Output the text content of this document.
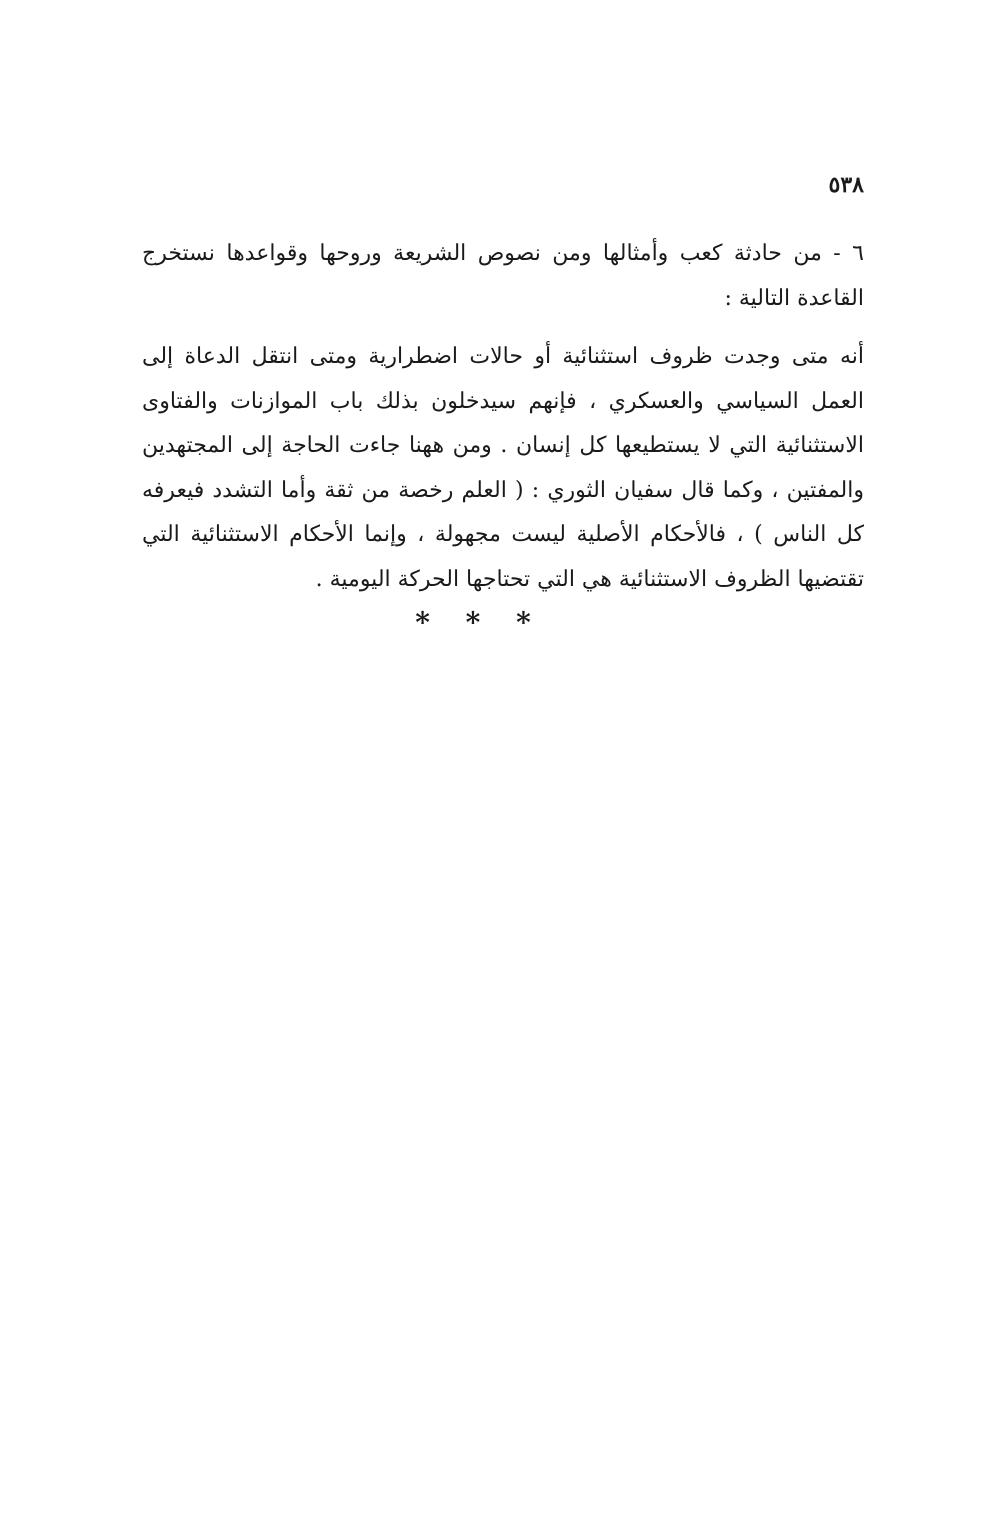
٥٣٨

٦ - من حادثة كعب وأمثالها ومن نصوص الشريعة وروحها وقواعدها نستخرج القاعدة التالية :

أنه متى وجدت ظروف استثنائية أو حالات اضطرارية ومتى انتقل الدعاة إلى العمل السياسي والعسكري ، فإنهم سيدخلون بذلك باب الموازنات والفتاوى الاستثنائية التي لا يستطيعها كل إنسان . ومن ههنا جاءت الحاجة إلى المجتهدين والمفتين ، وكما قال سفيان الثوري : ( العلم رخصة من ثقة وأما التشدد فيعرفه كل الناس ) ، فالأحكام الأصلية ليست مجهولة ، وإنما الأحكام الاستثنائية التي تقتضيها الظروف الاستثنائية هي التي تحتاجها الحركة اليومية .

* * *
